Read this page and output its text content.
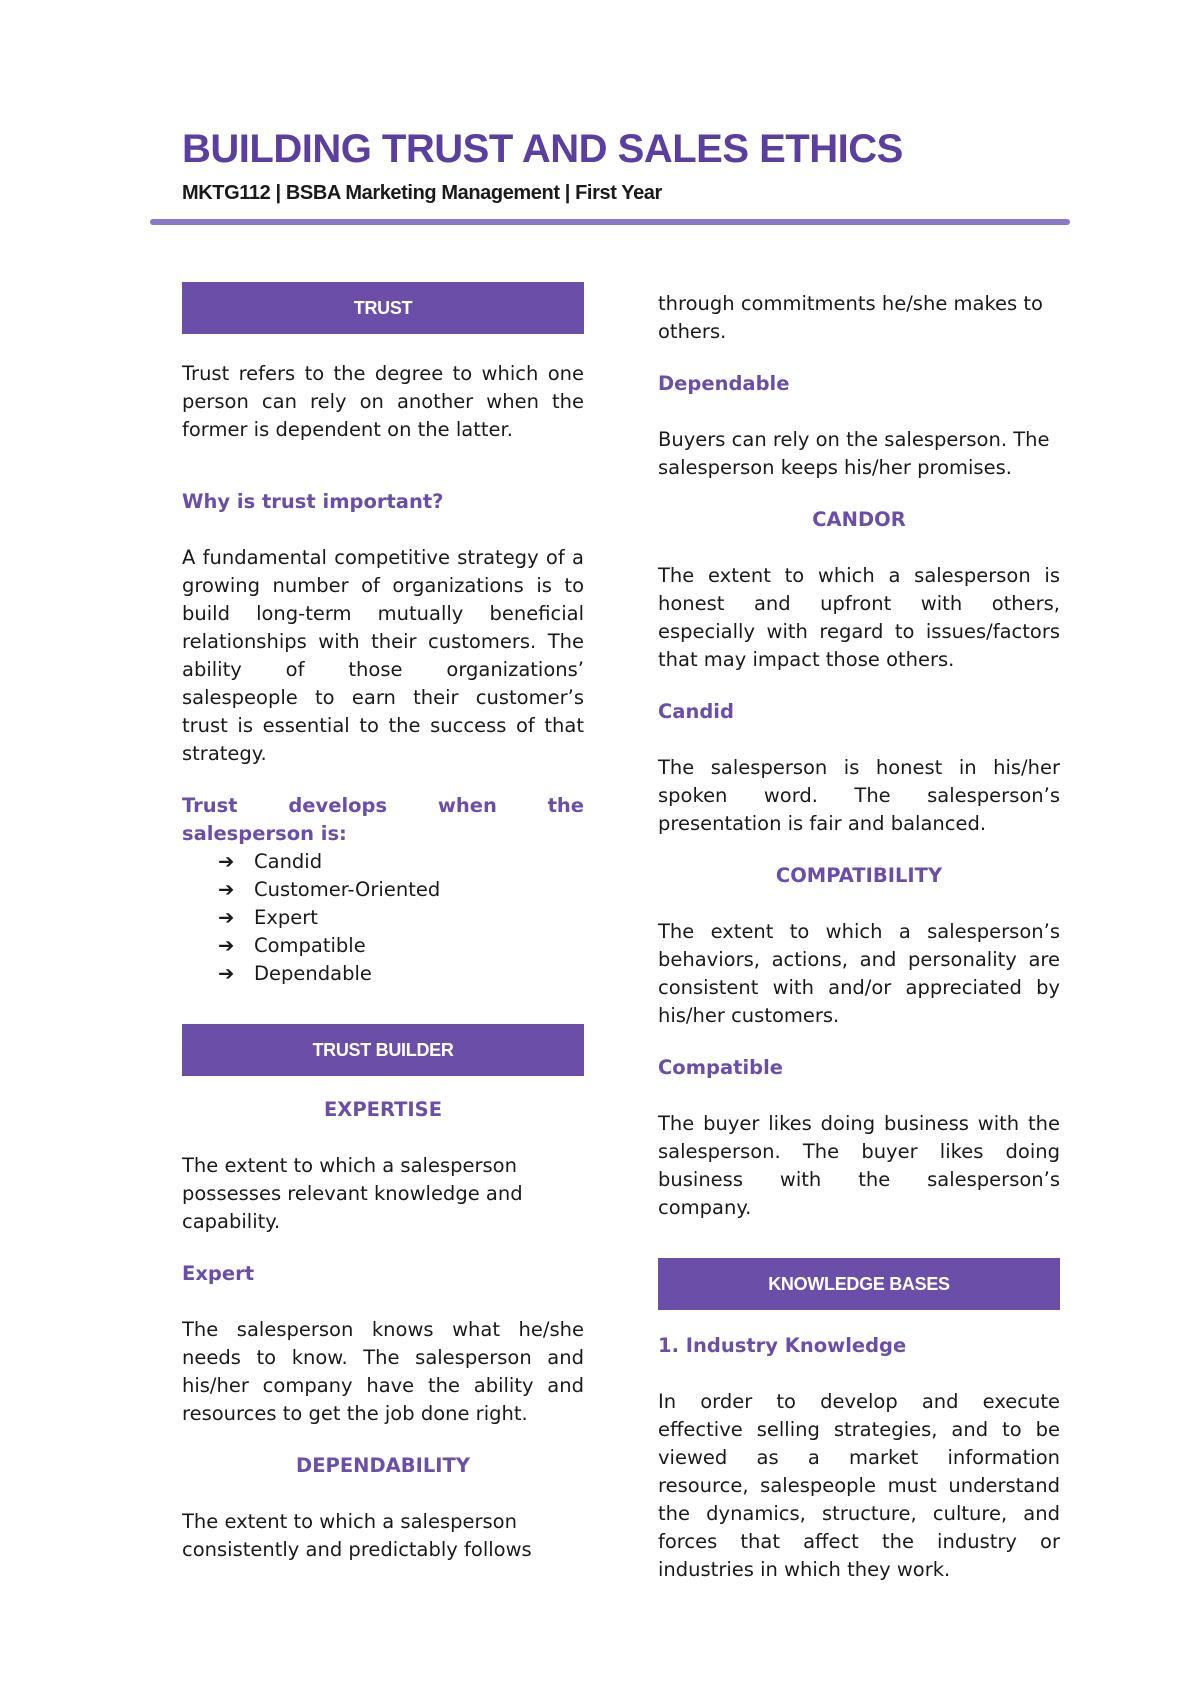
BUILDING TRUST AND SALES ETHICS
MKTG112 | BSBA Marketing Management | First Year
TRUST

Trust refers to the degree to which one person can rely on another when the former is dependent on the latter.

Why is trust important?

A fundamental competitive strategy of a growing number of organizations is to build long-term mutually beneficial relationships with their customers. The ability of those organizations’ salespeople to earn their customer’s trust is essential to the success of that strategy.

Trust develops when the salesperson is:

➔ Candid
➔ Customer-Oriented
➔ Expert
➔ Compatible
➔ Dependable
TRUST BUILDER

EXPERTISE

The extent to which a salesperson possesses relevant knowledge and capability.

Expert

The salesperson knows what he/she needs to know. The salesperson and his/her company have the ability and resources to get the job done right.

DEPENDABILITY

The extent to which a salesperson consistently and predictably follows

through commitments he/she makes to others.

Dependable

Buyers can rely on the salesperson. The salesperson keeps his/her promises.

CANDOR

The extent to which a salesperson is honest and upfront with others, especially with regard to issues/factors that may impact those others.

Candid

The salesperson is honest in his/her spoken word. The salesperson’s presentation is fair and balanced.

COMPATIBILITY

The extent to which a salesperson’s behaviors, actions, and personality are consistent with and/or appreciated by his/her customers.

Compatible

The buyer likes doing business with the salesperson. The buyer likes doing business with the salesperson’s company.

KNOWLEDGE BASES

1. Industry Knowledge

In order to develop and execute effective selling strategies, and to be viewed as a market information resource, salespeople must understand the dynamics, structure, culture, and forces that affect the industry or industries in which they work.
